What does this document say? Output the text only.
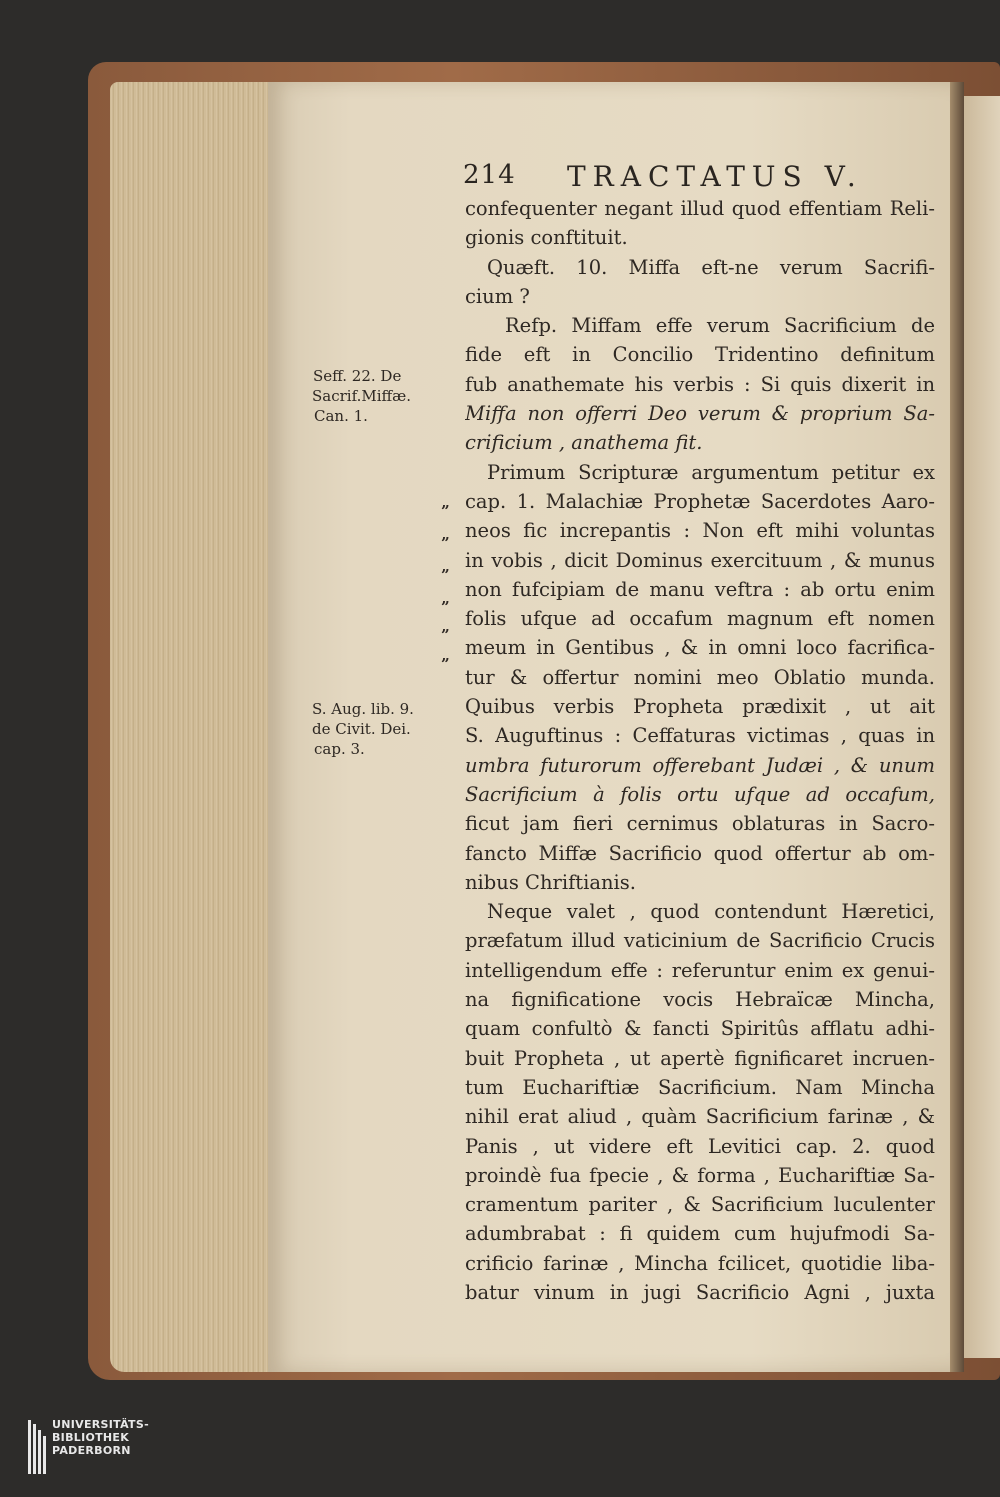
214 TRACTATUS V.
Seff. 22. De
Sacrif.Miffæ.
Can. 1.
S. Aug. lib. 9.
de Civit. Dei.
cap. 3.
”
”
”
”
”
”
confequenter negant illud quod effentiam Reli-
gionis conftituit.
Quæft. 10. Miffa eft-ne verum Sacrifi-
cium ?
Refp. Miffam effe verum Sacrificium de
fide eft in Concilio Tridentino definitum
fub anathemate his verbis : Si quis dixerit in
Miffa non offerri Deo verum & proprium Sa-
crificium , anathema fit.
Primum Scripturæ argumentum petitur ex
cap. 1. Malachiæ Prophetæ Sacerdotes Aaro-
neos fic increpantis : Non eft mihi voluntas
in vobis , dicit Dominus exercituum , & munus
non fufcipiam de manu veftra : ab ortu enim
folis ufque ad occafum magnum eft nomen
meum in Gentibus , & in omni loco facrifica-
tur & offertur nomini meo Oblatio munda.
Quibus verbis Propheta prædixit , ut ait
S. Auguftinus : Ceffaturas victimas , quas in
umbra futurorum offerebant Judæi , & unum
Sacrificium à folis ortu ufque ad occafum,
ficut jam fieri cernimus oblaturas in Sacro-
fancto Miffæ Sacrificio quod offertur ab om-
nibus Chriftianis.
Neque valet , quod contendunt Hæretici,
præfatum illud vaticinium de Sacrificio Crucis
intelligendum effe : referuntur enim ex genui-
na fignificatione vocis Hebraïcæ Mincha,
quam confultò & fancti Spiritûs afflatu adhi-
buit Propheta , ut apertè fignificaret incruen-
tum Euchariftiæ Sacrificium. Nam Mincha
nihil erat aliud , quàm Sacrificium farinæ , &
Panis , ut videre eft Levitici cap. 2. quod
proindè fua fpecie , & forma , Euchariftiæ Sa-
cramentum pariter , & Sacrificium luculenter
adumbrabat : fi quidem cum hujufmodi Sa-
crificio farinæ , Mincha fcilicet, quotidie liba-
batur vinum in jugi Sacrificio Agni , juxta
UNIVERSITÄTS-
BIBLIOTHEK
PADERBORN
